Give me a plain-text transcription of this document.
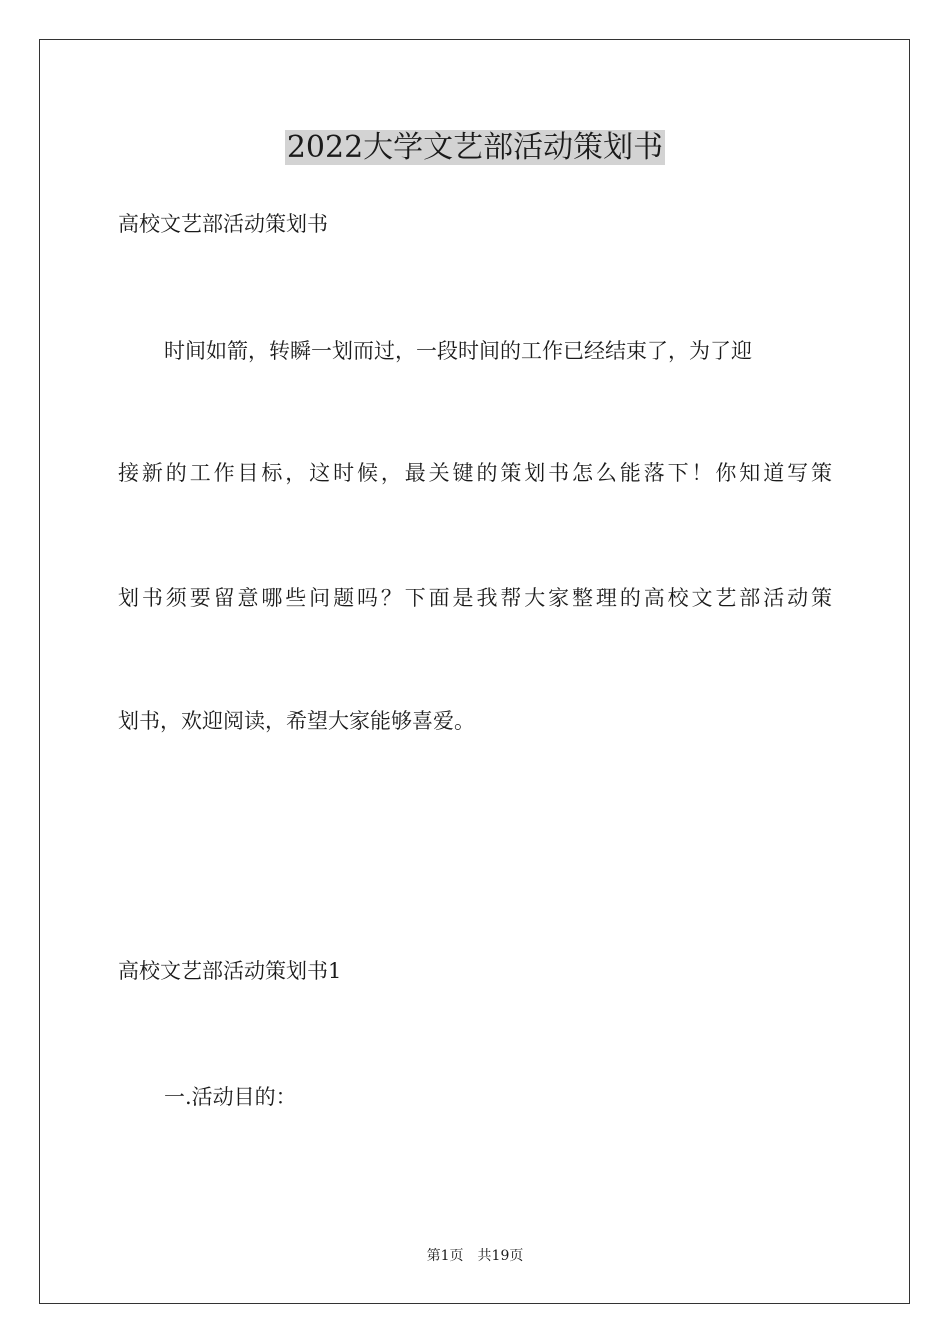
2022大学文艺部活动策划书
高校文艺部活动策划书
时间如箭，转瞬一划而过，一段时间的工作已经结束了，为了迎
接新的工作目标，这时候，最关键的策划书怎么能落下！你知道写策
划书须要留意哪些问题吗？下面是我帮大家整理的高校文艺部活动策
划书，欢迎阅读，希望大家能够喜爱。
高校文艺部活动策划书1
一.活动目的：
第1页 共19页
